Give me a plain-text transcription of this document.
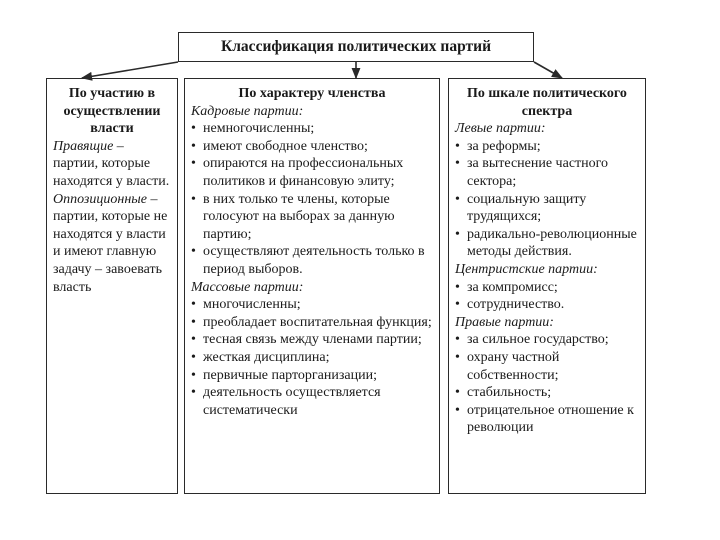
Классификация политических партий
По участию в осуществлении власти

Правящие – партии, которые находятся у власти.

Оппозиционные – партии, которые не находятся у власти и имеют главную задачу – завоевать власть

По характеру членства
Кадровые партии:
• немногочисленны;
• имеют свободное членство;
• опираются на профессиональных политиков и финансовую элиту;
• в них только те члены, которые голосуют на выборах за данную партию;
• осуществляют деятельность только в период выборов.
Массовые партии:
• многочисленны;
• преобладает воспитательная функция;
• тесная связь между членами партии;
• жесткая дисциплина;
• первичные парторганизации;
• деятельность осуществляется систематически
По шкале политического спектра
Левые партии:
• за реформы;
• за вытеснение частного сектора;
• социальную защиту трудящихся;
• радикально-революционные методы действия.
Центристские партии:
• за компромисс;
• сотрудничество.
Правые партии:
• за сильное государство;
• охрану частной собственности;
• стабильность;
• отрицательное отношение к революции
